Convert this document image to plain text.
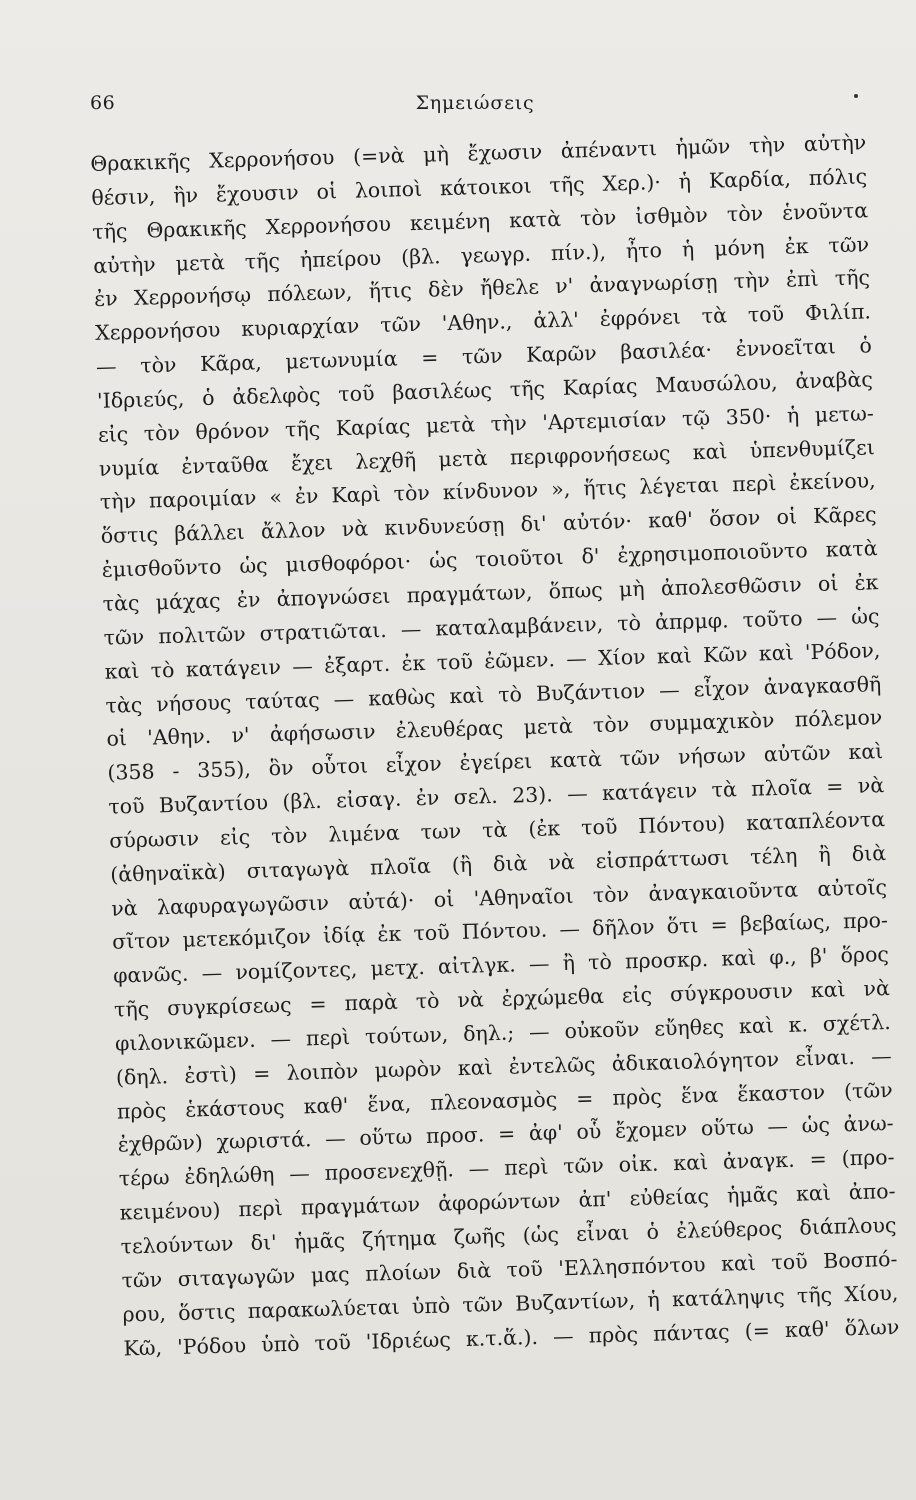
66	Σημειώσεις
Θρακικῆς Χερρονήσου (=νὰ μὴ ἔχωσιν ἀπέναντι ἡμῶν τὴν αὐτὴν
θέσιν, ἣν ἔχουσιν οἱ λοιποὶ κάτοικοι τῆς Χερ.)· ἡ Καρδία, πόλις
τῆς Θρακικῆς Χερρονήσου κειμένη κατὰ τὸν ἰσθμὸν τὸν ἑνοῦντα
αὐτὴν μετὰ τῆς ἠπείρου (βλ. γεωγρ. πίν.), ἦτο ἡ μόνη ἐκ τῶν
ἐν Χερρονήσῳ πόλεων, ἥτις δὲν ἤθελε ν' ἀναγνωρίσῃ τὴν ἐπὶ τῆς
Χερρονήσου κυριαρχίαν τῶν 'Αθην., ἀλλ' ἐφρόνει τὰ τοῦ Φιλίπ.
— τὸν Κᾶρα, μετωνυμία = τῶν Καρῶν βασιλέα· ἐννοεῖται ὁ
'Ιδριεύς, ὁ ἀδελφὸς τοῦ βασιλέως τῆς Καρίας Μαυσώλου, ἀναβὰς
εἰς τὸν θρόνον τῆς Καρίας μετὰ τὴν 'Αρτεμισίαν τῷ 350· ἡ μετω-
νυμία ἐνταῦθα ἔχει λεχθῆ μετὰ περιφρονήσεως καὶ ὑπενθυμίζει
τὴν παροιμίαν « ἐν Καρὶ τὸν κίνδυνον », ἥτις λέγεται περὶ ἐκείνου,
ὅστις βάλλει ἄλλον νὰ κινδυνεύσῃ δι' αὐτόν· καθ' ὅσον οἱ Κᾶρες
ἐμισθοῦντο ὡς μισθοφόροι· ὡς τοιοῦτοι δ' ἐχρησιμοποιοῦντο κατὰ
τὰς μάχας ἐν ἀπογνώσει πραγμάτων, ὅπως μὴ ἀπολεσθῶσιν οἱ ἐκ
τῶν πολιτῶν στρατιῶται. — καταλαμβάνειν, τὸ ἀπρμφ. τοῦτο — ὡς
καὶ τὸ κατάγειν — ἐξαρτ. ἐκ τοῦ ἐῶμεν. — Χίον καὶ Κῶν καὶ 'Ρόδον,
τὰς νήσους ταύτας — καθὼς καὶ τὸ Βυζάντιον — εἶχον ἀναγκασθῆ
οἱ 'Αθην. ν' ἀφήσωσιν ἐλευθέρας μετὰ τὸν συμμαχικὸν πόλεμον
(358 - 355), ὃν οὗτοι εἶχον ἐγείρει κατὰ τῶν νήσων αὐτῶν καὶ
τοῦ Βυζαντίου (βλ. εἰσαγ. ἐν σελ. 23). — κατάγειν τὰ πλοῖα = νὰ
σύρωσιν εἰς τὸν λιμένα των τὰ (ἐκ τοῦ Πόντου) καταπλέοντα
(ἀθηναϊκὰ) σιταγωγὰ πλοῖα (ἢ διὰ νὰ εἰσπράττωσι τέλη ἢ διὰ
νὰ λαφυραγωγῶσιν αὐτά)· οἱ 'Αθηναῖοι τὸν ἀναγκαιοῦντα αὐτοῖς
σῖτον μετεκόμιζον ἰδίᾳ ἐκ τοῦ Πόντου. — δῆλον ὅτι = βεβαίως, προ-
φανῶς. — νομίζοντες, μετχ. αἰτλγκ. — ἢ τὸ προσκρ. καὶ φ., β' ὅρος
τῆς συγκρίσεως = παρὰ τὸ νὰ ἐρχώμεθα εἰς σύγκρουσιν καὶ νὰ
φιλονικῶμεν. — περὶ τούτων, δηλ.; — οὐκοῦν εὔηθες καὶ κ. σχέτλ.
(δηλ. ἐστὶ) = λοιπὸν μωρὸν καὶ ἐντελῶς ἀδικαιολόγητον εἶναι. —
πρὸς ἑκάστους καθ' ἕνα, πλεονασμὸς = πρὸς ἕνα ἕκαστον (τῶν
ἐχθρῶν) χωριστά. — οὕτω προσ. = ἀφ' οὗ ἔχομεν οὕτω — ὡς ἀνω-
τέρω ἐδηλώθη — προσενεχθῇ. — περὶ τῶν οἰκ. καὶ ἀναγκ. = (προ-
κειμένου) περὶ πραγμάτων ἀφορώντων ἀπ' εὐθείας ἡμᾶς καὶ ἀπο-
τελούντων δι' ἡμᾶς ζήτημα ζωῆς (ὡς εἶναι ὁ ἐλεύθερος διάπλους
τῶν σιταγωγῶν μας πλοίων διὰ τοῦ 'Ελλησπόντου καὶ τοῦ Βοσπό-
ρου, ὅστις παρακωλύεται ὑπὸ τῶν Βυζαντίων, ἡ κατάληψις τῆς Χίου,
Κῶ, 'Ρόδου ὑπὸ τοῦ 'Ιδριέως κ.τ.ἅ.). — πρὸς πάντας (= καθ' ὅλων
